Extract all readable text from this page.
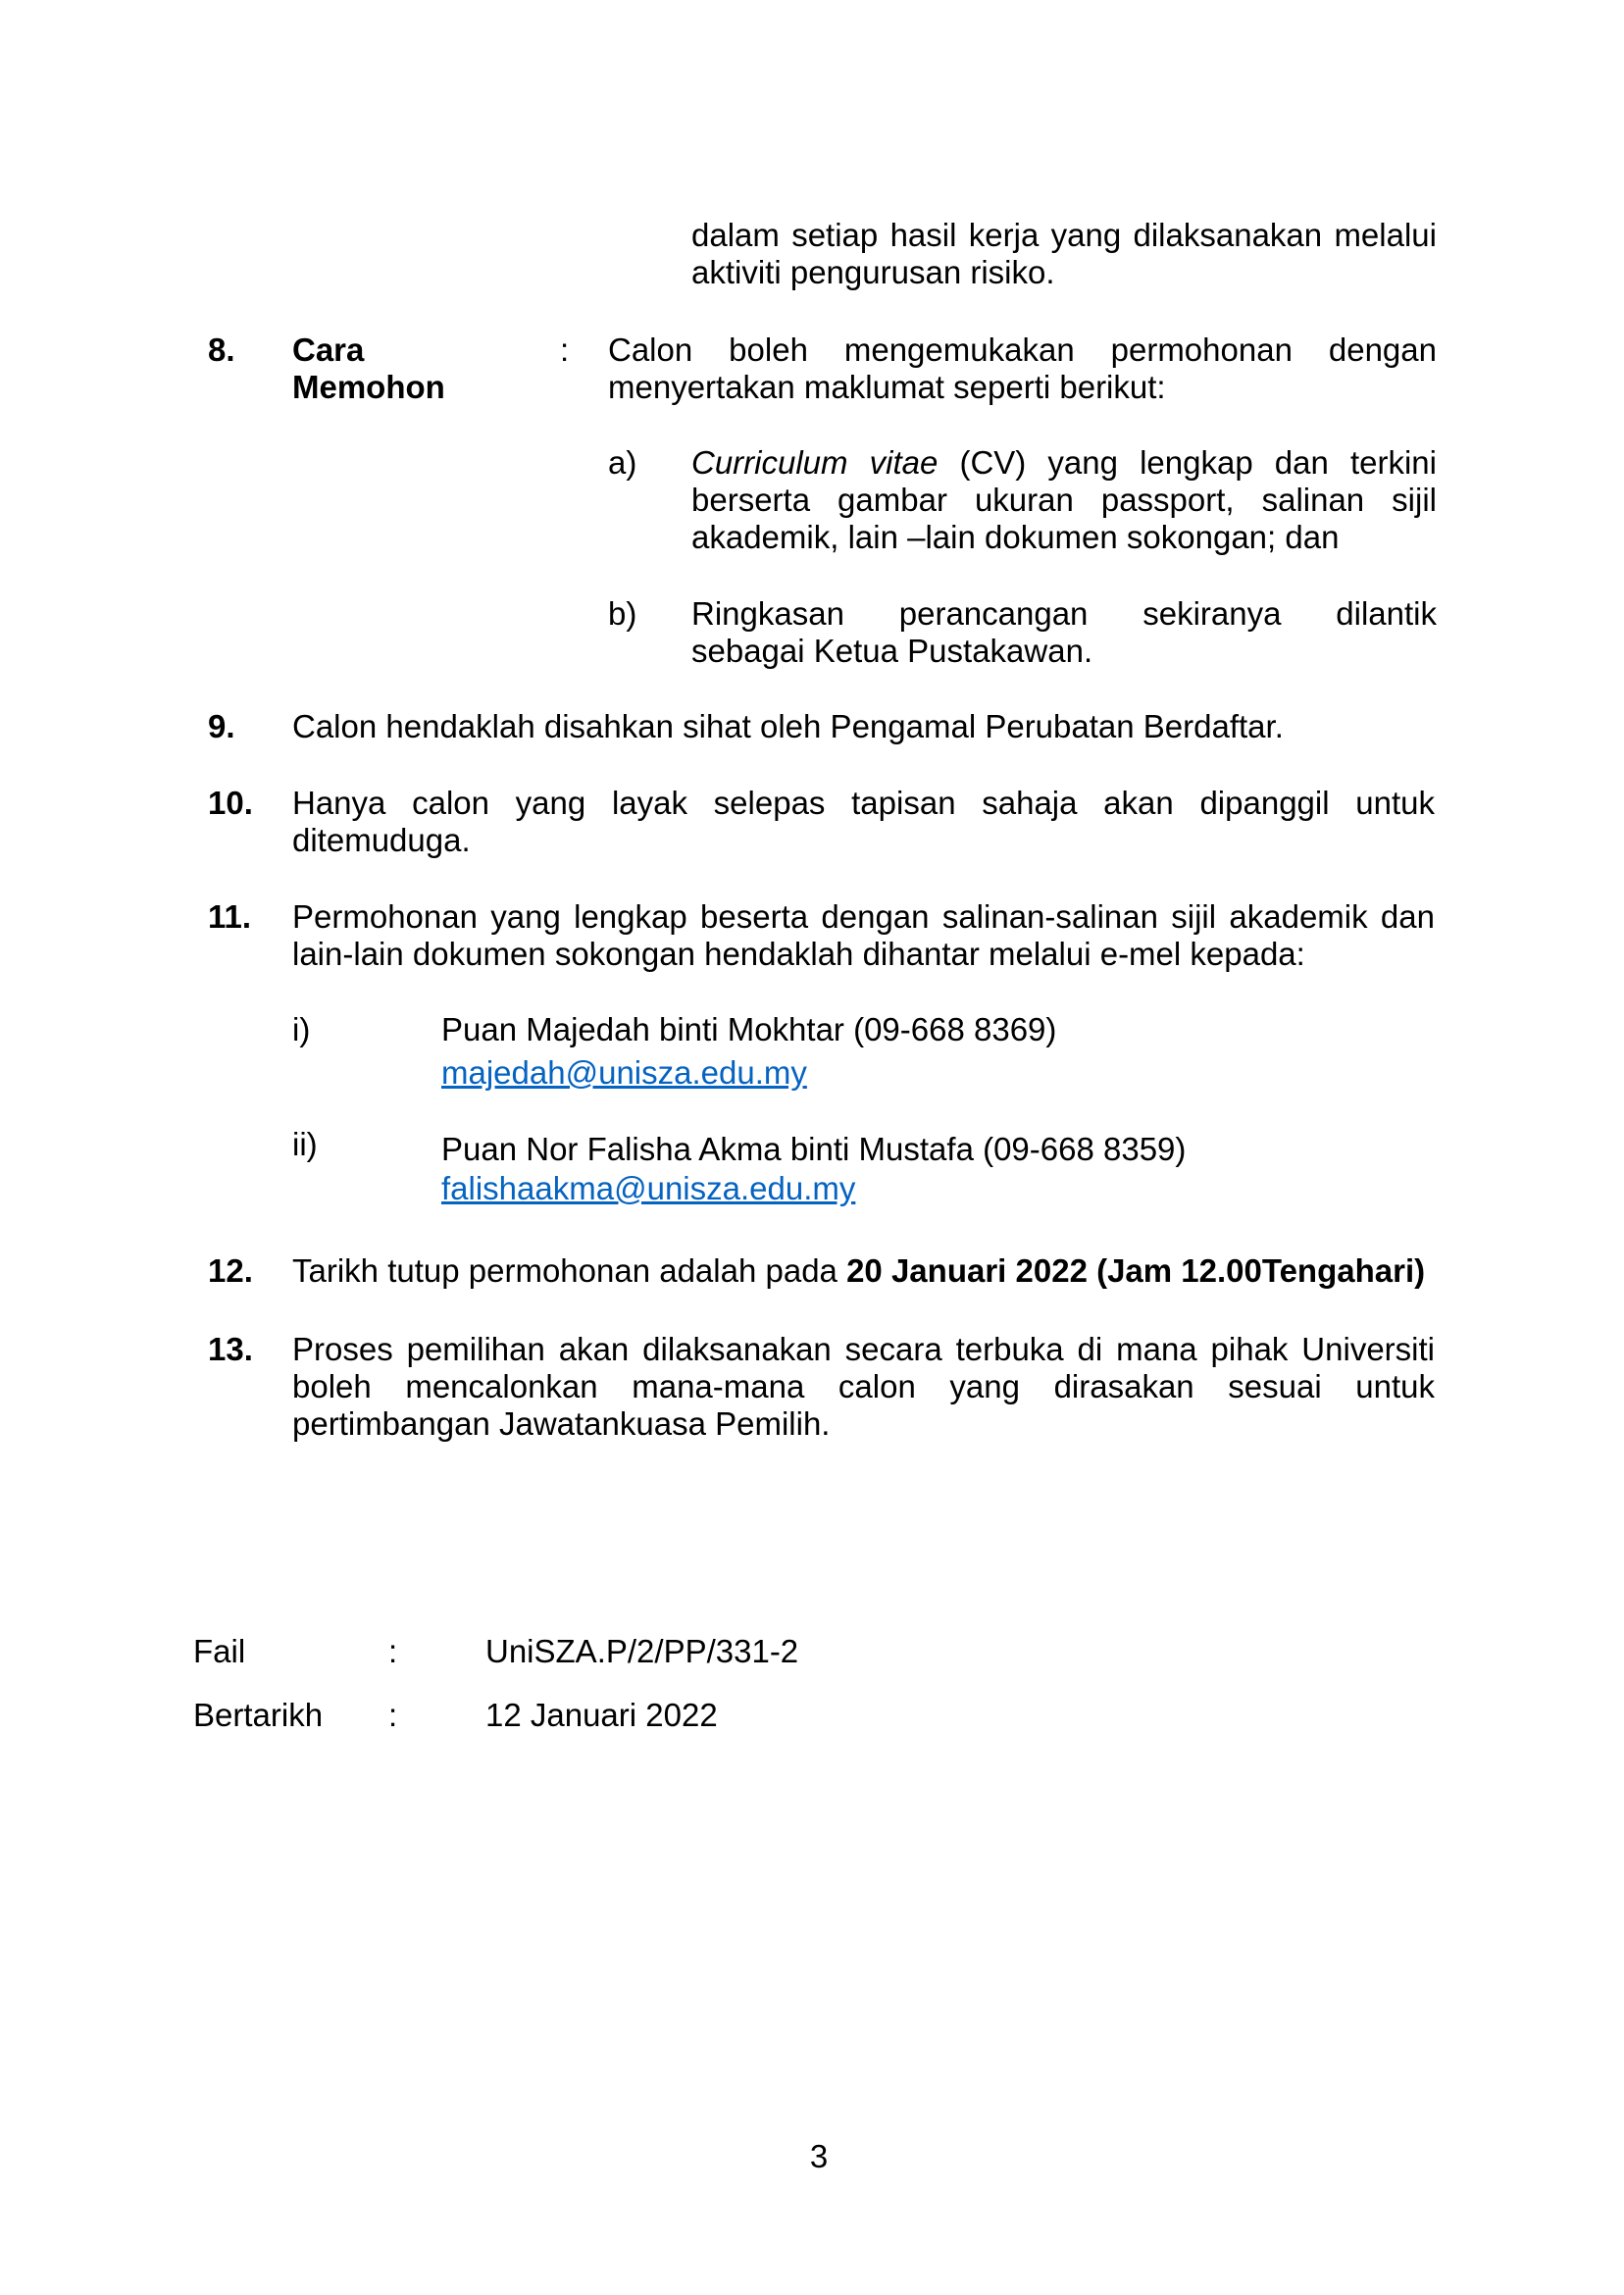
dalam setiap hasil kerja yang dilaksanakan melalui
aktiviti pengurusan risiko.
8. Cara
Memohon
: Calon boleh mengemukakan permohonan dengan
menyertakan maklumat seperti berikut:
a) Curriculum vitae (CV) yang lengkap dan terkini
berserta gambar ukuran passport, salinan sijil
akademik, lain –lain dokumen sokongan; dan
b) Ringkasan perancangan sekiranya dilantik
sebagai Ketua Pustakawan.
9. Calon hendaklah disahkan sihat oleh Pengamal Perubatan Berdaftar.
10. Hanya calon yang layak selepas tapisan sahaja akan dipanggil untuk
ditemuduga.
11. Permohonan yang lengkap beserta dengan salinan-salinan sijil akademik dan
lain-lain dokumen sokongan hendaklah dihantar melalui e-mel kepada:
i)	Puan Majedah binti Mokhtar (09-668 8369)
majedah@unisza.edu.my
ii)	Puan Nor Falisha Akma binti Mustafa (09-668 8359)
falishaakma@unisza.edu.my
12. Tarikh tutup permohonan adalah pada 20 Januari 2022 (Jam 12.00Tengahari)
13. Proses pemilihan akan dilaksanakan secara terbuka di mana pihak Universiti
boleh mencalonkan mana-mana calon yang dirasakan sesuai untuk
pertimbangan Jawatankuasa Pemilih.
Fail	:	UniSZA.P/2/PP/331-2
Bertarikh :	12 Januari 2022
3
